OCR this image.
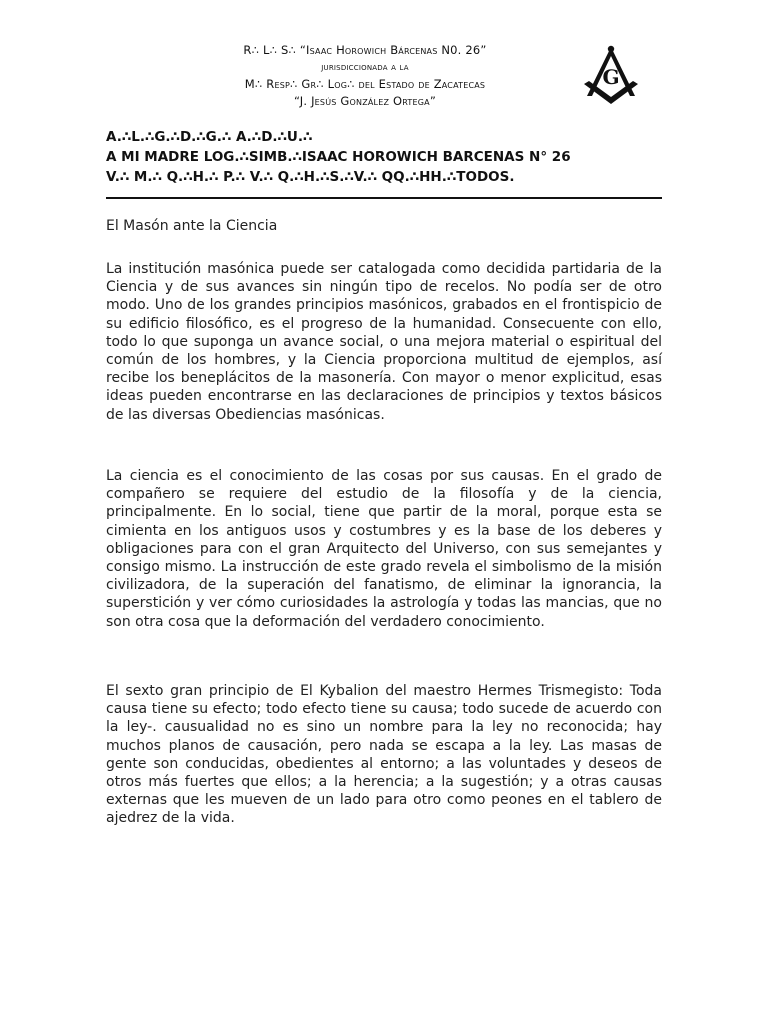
R∴ L∴ S∴ “Isaac Horowich Bárcenas N0. 26”
jurisdiccionada a la
M∴ Resp∴ Gr∴ Log∴ del Estado de Zacatecas
“J. Jesús González Ortega”
G
A.∴L.∴G.∴D.∴G.∴ A.∴D.∴U.∴
A MI MADRE LOG.∴SIMB.∴ISAAC HOROWICH BARCENAS N° 26
V.∴ M.∴ Q.∴H.∴ P.∴ V.∴ Q.∴H.∴S.∴V.∴ QQ.∴HH.∴TODOS.
El Masón ante la Ciencia

La institución masónica puede ser catalogada como decidida partidaria de la Ciencia y de sus avances sin ningún tipo de recelos. No podía ser de otro modo. Uno de los grandes principios masónicos, grabados en el frontispicio de su edificio filosófico, es el progreso de la humanidad. Consecuente con ello, todo lo que suponga un avance social, o una mejora material o espiritual del común de los hombres, y la Ciencia proporciona multitud de ejemplos, así recibe los beneplácitos de la masonería. Con mayor o menor explicitud, esas ideas pueden encontrarse en las declaraciones de principios y textos básicos de las diversas Obediencias masónicas.

La ciencia es el conocimiento de las cosas por sus causas. En el grado de compañero se requiere del estudio de la filosofía y de la ciencia, principalmente. En lo social, tiene que partir de la moral, porque esta se cimienta en los antiguos usos y costumbres y es la base de los deberes y obligaciones para con el gran Arquitecto del Universo, con sus semejantes y consigo mismo. La instrucción de este grado revela el simbolismo de la misión civilizadora, de la superación del fanatismo, de eliminar la ignorancia, la superstición y ver cómo curiosidades la astrología y todas las mancias, que no son otra cosa que la deformación del verdadero conocimiento.

El sexto gran principio de El Kybalion del maestro Hermes Trismegisto: Toda causa tiene su efecto; todo efecto tiene su causa; todo sucede de acuerdo con la ley-. causualidad no es sino un nombre para la ley no reconocida; hay muchos planos de causación, pero nada se escapa a la ley. Las masas de gente son conducidas, obedientes al entorno; a las voluntades y deseos de otros más fuertes que ellos; a la herencia; a la sugestión; y a otras causas externas que les mueven de un lado para otro como peones en el tablero de ajedrez de la vida.
